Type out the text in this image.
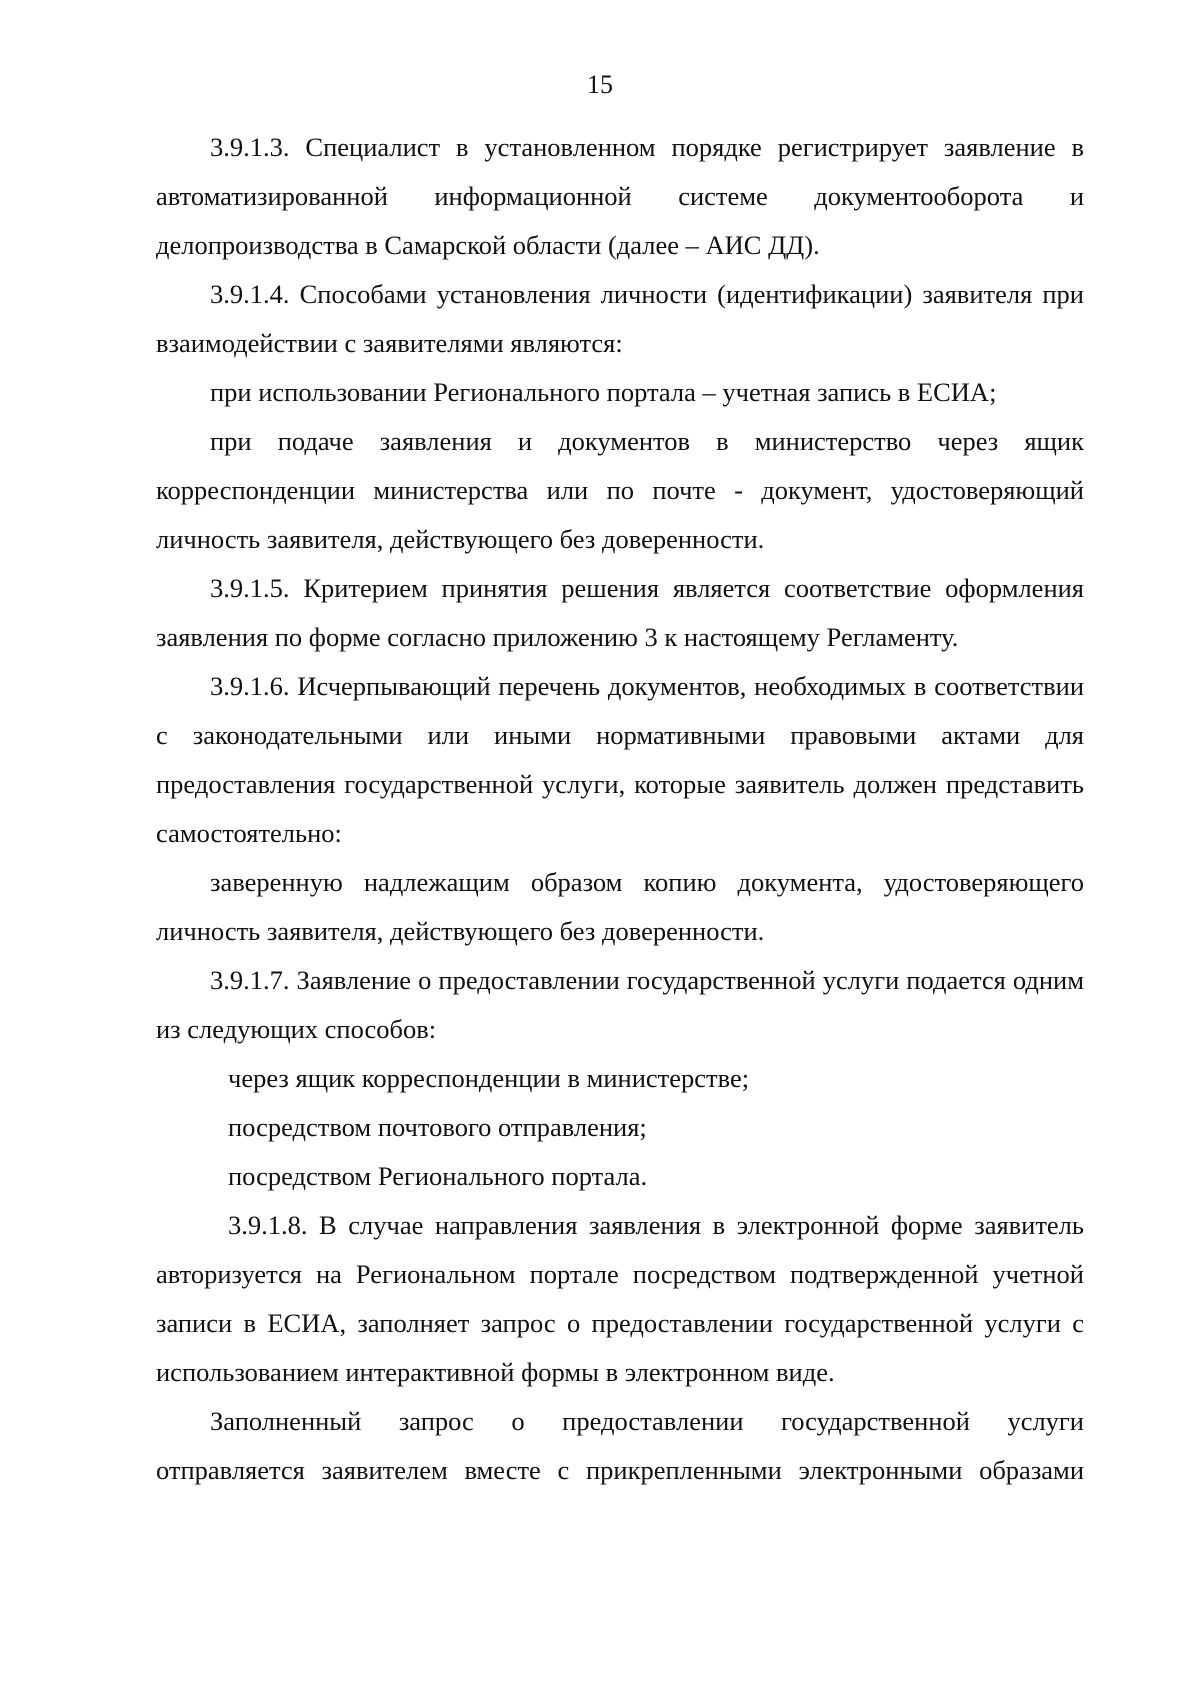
15

3.9.1.3. Специалист в установленном порядке регистрирует заявление в автоматизированной информационной системе документооборота и делопроизводства в Самарской области (далее – АИС ДД).

3.9.1.4. Способами установления личности (идентификации) заявителя при взаимодействии с заявителями являются:

при использовании Регионального портала – учетная запись в ЕСИА;

при подаче заявления и документов в министерство через ящик корреспонденции министерства или по почте - документ, удостоверяющий личность заявителя, действующего без доверенности.

3.9.1.5. Критерием принятия решения является соответствие оформления заявления по форме согласно приложению 3 к настоящему Регламенту.

3.9.1.6. Исчерпывающий перечень документов, необходимых в соответствии с законодательными или иными нормативными правовыми актами для предоставления государственной услуги, которые заявитель должен представить самостоятельно:

заверенную надлежащим образом копию документа, удостоверяющего личность заявителя, действующего без доверенности.

3.9.1.7. Заявление о предоставлении государственной услуги подается одним из следующих способов:

через ящик корреспонденции в министерстве;

посредством почтового отправления;

посредством Регионального портала.

3.9.1.8. В случае направления заявления в электронной форме заявитель авторизуется на Региональном портале посредством подтвержденной учетной записи в ЕСИА, заполняет запрос о предоставлении государственной услуги с использованием интерактивной формы в электронном виде.

Заполненный запрос о предоставлении государственной услуги отправляется заявителем вместе с прикрепленными электронными образами
